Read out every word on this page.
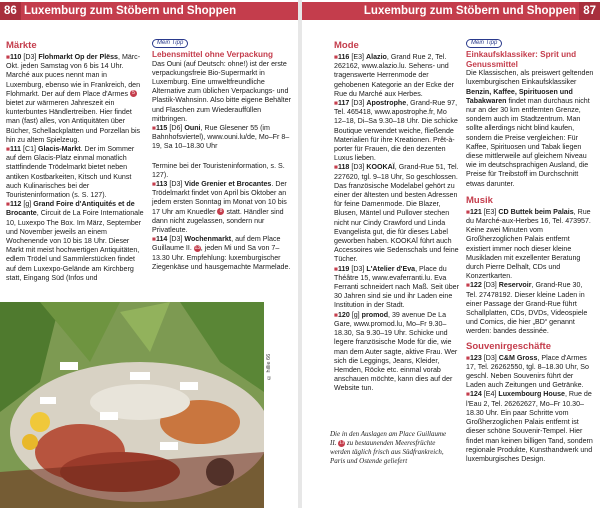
86 Luxemburg zum Stöbern und Shoppen
Märkte

■110 [D3] Flohmarkt Op der Plëss, Märc-Okt. jeden Samstag von 6 bis 14 Uhr. Marché aux puces nennt man in Luxemburg, ebenso wie in Frankreich, den Flohmarkt. Der auf dem Place d'Armes 5 bietet zur wärmeren Jahreszeit ein kunterbuntes Händlertreiben. Hier findet man (fast) alles, von Antiquitäten über Bücher, Schellackplatten und Porzellan bis hin zu altem Spielzeug.

■111 [C1] Glacis-Markt. Der im Sommer auf dem Glacis-Platz einmal monatlich stattfindende Trödelmarkt bietet neben antiken Kostbarkeiten, Kitsch und Kunst auch Kulinarisches bei der Touristeninformation (s. S. 127).

■112 [g] Grand Foire d'Antiquités et de Brocante, Circuit de La Foire Internationale 10, Luxexpo The Box. Im März, September und November jeweils an einem Wochenende von 10 bis 18 Uhr. Dieser Markt mit meist hochwertigen Antiquitäten, edlem Trödel und Sammlerstücken findet auf dem Luxexpo-Gelände am Kirchberg statt, Eingang Süd (Infos und

Mein Tipp
Lebensmittel ohne Verpackung

Das Ouni (auf Deutsch: ohne!) ist der erste verpackungsfreie Bio-Supermarkt in Luxemburg. Eine umweltfreundliche Alternative zum üblichen Verpackungs- und Plastik-Wahnsinn. Also bitte eigene Behälter und Flaschen zum Wiederauffüllen mitbringen.

■115 [D6] Ouni, Rue Glesener 55 (im Bahnhofsviertel), www.ouni.lu/de, Mo–Fr 8–19, Sa 10–18.30 Uhr

Termine bei der Touristeninformation, s. S. 127).

■113 [D3] Vide Grenier et Brocantes. Der Trödelmarkt findet von April bis Oktober an jedem ersten Sonntag im Monat von 10 bis 17 Uhr am Knuedler 8 statt. Händler sind dann nicht zugelassen, sondern nur Privatleute.

■114 [D3] Wochenmarkt, auf dem Place Guillaume II. 13, jeden Mi und Sa von 7–13.30 Uhr. Empfehlung: luxemburgischer Ziegenkäse und hausgemachte Marmelade.

© hillie 66
Luxemburg zum Stöbern und Shoppen 87
Mode

■116 [E3] Alazio, Grand Rue 2, Tel. 262162, www.alazio.lu. Sehens- und tragenswerte Herrenmode der gehobenen Kategorie an der Ecke der Rue du Marché aux Herbes.

■117 [D3] Apostrophe, Grand-Rue 97, Tel. 465418, www.apostrophe.fr, Mo 12–18, Di–Sa 9.30–18 Uhr. Die schicke Boutique verwendet weiche, fließende Materialien für ihre Kreationen. Prêt-à-porter für Frauen, die den dezenten Luxus lieben.

■118 [D3] KOOKAÏ, Grand-Rue 51, Tel. 227620, tgl. 9–18 Uhr, So geschlossen. Das französische Modelabel gehört zu einer der ältesten und besten Adressen für feine Damenmode. Die Blazer, Blusen, Mäntel und Pullover stechen nicht nur Cindy Crawford und Linda Evangelista gut, die für dieses Label geworben haben. KOOKAÏ führt auch Accessoires wie Sedenschals und feine Tücher.

■119 [D3] L'Atelier d'Eva, Place du Théâtre 15, www.evaferranti.lu. Eva Ferranti schneidert nach Maß. Seit über 30 Jahren sind sie und ihr Laden eine Institution in der Stadt.

■120 [g] promod, 39 avenue De La Gare, www.promod.lu, Mo–Fr 9.30–18.30, Sa 9.30–19 Uhr. Schicke und legere französische Mode für die, wie man dem Auter sagte, aktive Frau. Wer sich die Leggings, Jeans, Kleider, Hemden, Röcke etc. einmal vorab anschauen möchte, kann dies auf der Website tun.

Die in den Auslagen am Place Guillaume II. 13 zu bestaunenden Meeresfrüchte werden täglich frisch aus Südfrankreich, Paris und Ostende geliefert
Mein Tipp
Einkaufsklassiker: Sprit und Genussmittel

Die Klassischen, als preiswert geltenden luxemburgischen Einkaufsklassiker Benzin, Kaffee, Spirituosen und Tabakwaren findet man durchaus nicht nur an der 30 km entfernten Grenze, sondern auch im Stadtzentrum. Man sollte allerdings nicht blind kaufen, sondern die Preise vergleichen: Für Kaffee, Spirituosen und Tabak liegen diese mittlerweile auf gleichem Niveau wie im deutschsprachigen Ausland, die Preise für Treibstoff im Durchschnitt etwas darunter.

Musik

■121 [E3] CD Buttek beim Palais, Rue du Marché-aux-Herbes 16, Tel. 473957. Keine zwei Minuten vom Großherzoglichen Palais entfernt existiert immer noch dieser kleine Musikladen mit exzellenter Beratung durch Pierre Delhalt, CDs und Konzertkarten.

■122 [D3] Reservoir, Grand-Rue 30, Tel. 27478192. Dieser kleine Laden in einer Passage der Grand-Rue führt Schallplatten, CDs, DVDs, Videospiele und Comics, die hier „BD“ genannt werden: bandes dessinée.

Souvenirgeschäfte

■123 [D3] C&M Gross, Place d'Armes 17, Tel. 26262550, tgl. 8–18.30 Uhr, So geschl. Neben Souvenirs führt der Laden auch Zeitungen und Getränke.

■124 [E4] Luxembourg House, Rue de l'Eau 2, Tel. 26262627, Mo–Fr 10.30–18.30 Uhr. Ein paar Schritte vom Großherzoglichen Palais entfernt ist dieser schöne Souvenir-Tempel. Hier findet man keinen billigen Tand, sondern regionale Produkte, Kunsthandwerk und luxemburgisches Design.
